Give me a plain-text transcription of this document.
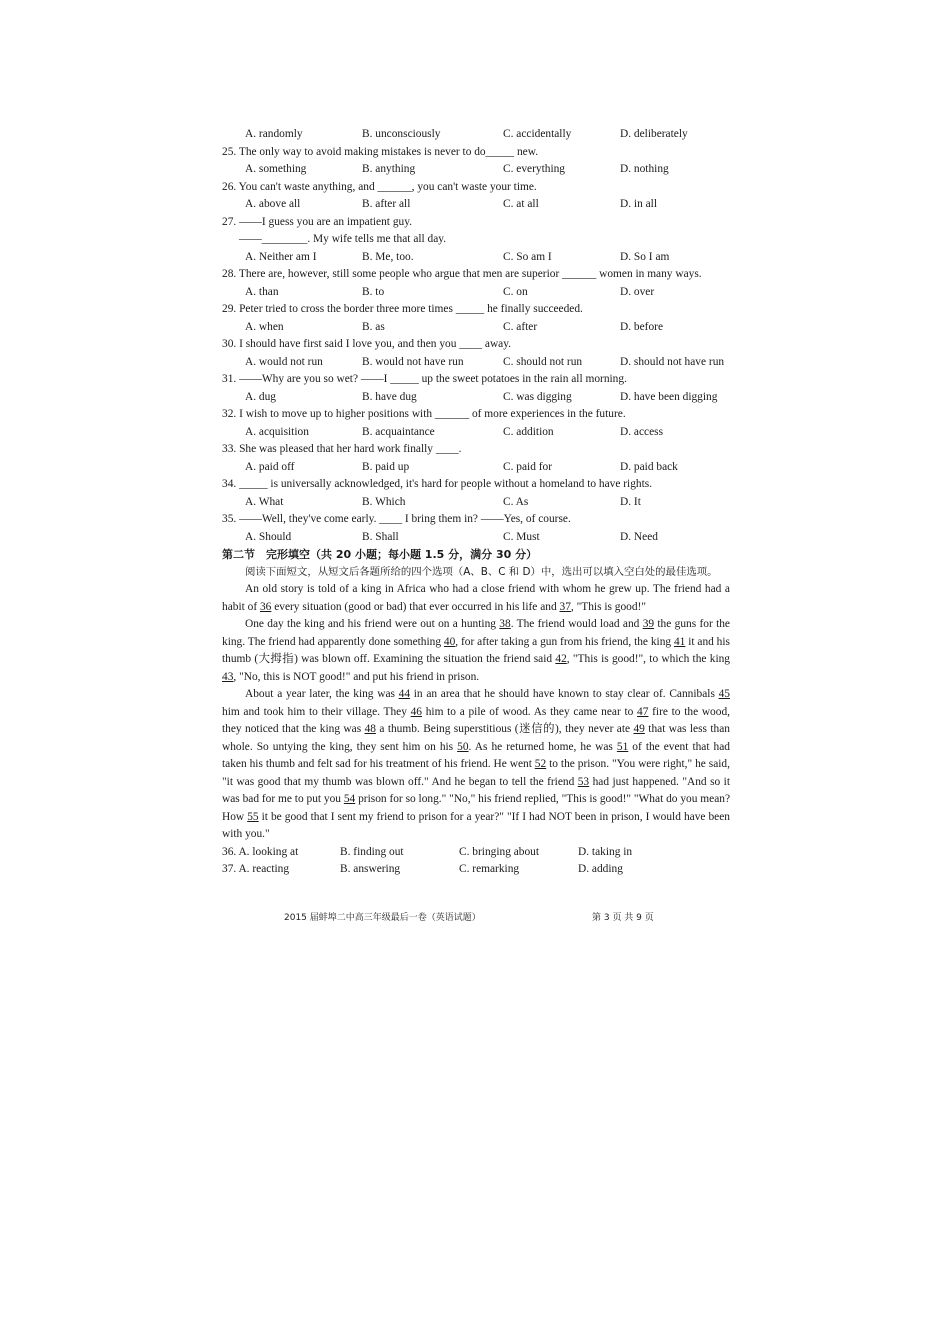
A. randomly	B. unconsciously	C. accidentally	D. deliberately
25. The only way to avoid making mistakes is never to do_____ new.
A. something	B. anything	C. everything	D. nothing
26. You can't waste anything, and ______, you can't waste your time.
A. above all	B. after all	C. at all	D. in all
27. ——I guess you are an impatient guy.
——________. My wife tells me that all day.
A. Neither am I	B. Me, too.	C. So am I	D. So I am
28. There are, however, still some people who argue that men are superior ______ women in many ways.
A. than	B. to	C. on	D. over
29. Peter tried to cross the border three more times _____ he finally succeeded.
A. when	B. as	C. after	D. before
30. I should have first said I love you, and then you ____ away.
A. would not run	B. would not have run	C. should not run	D. should not have run
31. ——Why are you so wet? ——I _____ up the sweet potatoes in the rain all morning.
A. dug	B. have dug	C. was digging	D. have been digging
32. I wish to move up to higher positions with ______ of more experiences in the future.
A. acquisition	B. acquaintance	C. addition	D. access
33. She was pleased that her hard work finally ____.
A. paid off	B. paid up	C. paid for	D. paid back
34. _____ is universally acknowledged, it's hard for people without a homeland to have rights.
A. What	B. Which	C. As	D. It
35. ——Well, they've come early. ____ I bring them in? ——Yes, of course.
A. Should	B. Shall	C. Must	D. Need
第二节　完形填空（共 20 小题；每小题 1.5 分，满分 30 分）

阅读下面短文，从短文后各题所给的四个选项（A、B、C 和 D）中，选出可以填入空白处的最佳选项。

An old story is told of a king in Africa who had a close friend with whom he grew up. The friend had a habit of 36 every situation (good or bad) that ever occurred in his life and 37, "This is good!"

One day the king and his friend were out on a hunting 38. The friend would load and 39 the guns for the king. The friend had apparently done something 40, for after taking a gun from his friend, the king 41 it and his thumb (大拇指) was blown off. Examining the situation the friend said 42, "This is good!", to which the king 43, "No, this is NOT good!" and put his friend in prison.

About a year later, the king was 44 in an area that he should have known to stay clear of. Cannibals 45 him and took him to their village. They 46 him to a pile of wood. As they came near to 47 fire to the wood, they noticed that the king was 48 a thumb. Being superstitious (迷信的), they never ate 49 that was less than whole. So untying the king, they sent him on his 50. As he returned home, he was 51 of the event that had taken his thumb and felt sad for his treatment of his friend. He went 52 to the prison. "You were right," he said, "it was good that my thumb was blown off." And he began to tell the friend 53 had just happened. "And so it was bad for me to put you 54 prison for so long." "No," his friend replied, "This is good!" "What do you mean? How 55 it be good that I sent my friend to prison for a year?" "If I had NOT been in prison, I would have been with you."

36. A. looking at	B. finding out	C. bringing about	D. taking in
37. A. reacting	B. answering	C. remarking	D. adding
2015 届蚌埠二中高三年级最后一卷（英语试题）	第 3 页 共 9 页
